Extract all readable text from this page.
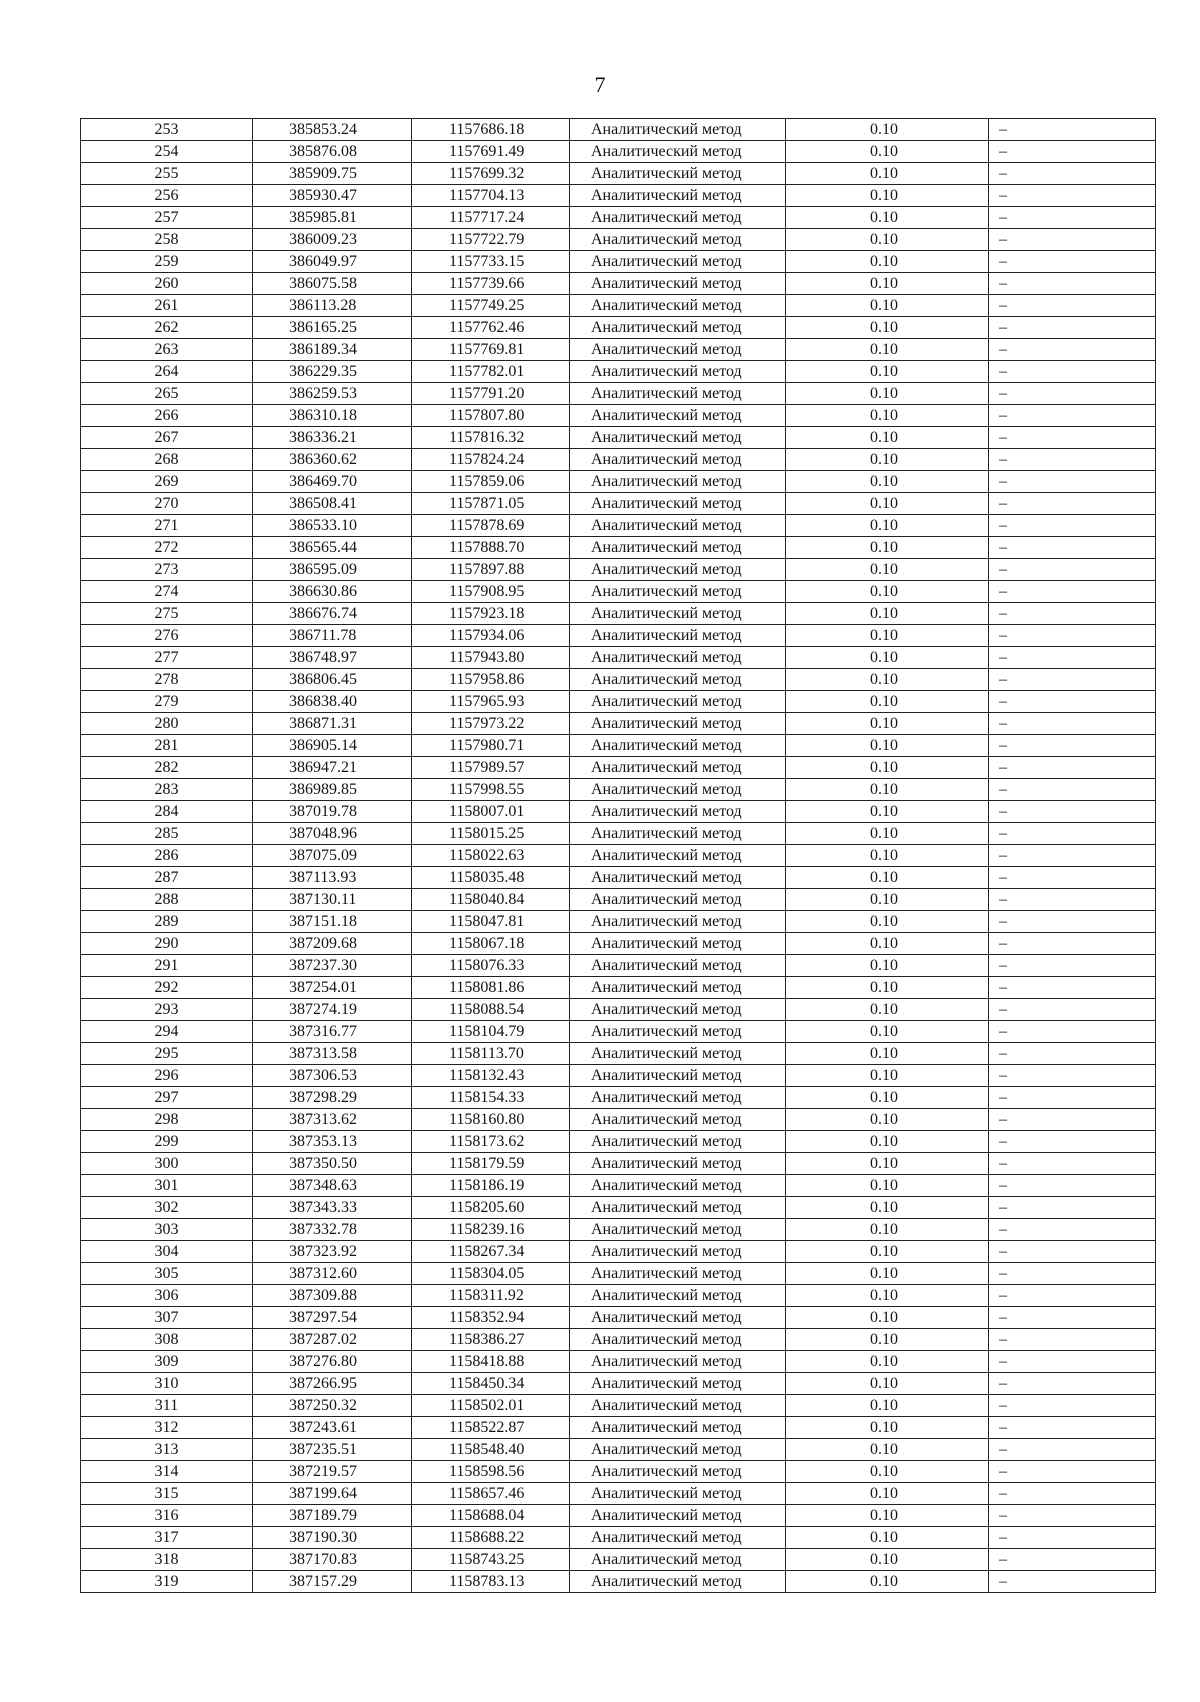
7
253	385853.24	1157686.18	Аналитический метод	0.10	–
254	385876.08	1157691.49	Аналитический метод	0.10	–
255	385909.75	1157699.32	Аналитический метод	0.10	–
256	385930.47	1157704.13	Аналитический метод	0.10	–
257	385985.81	1157717.24	Аналитический метод	0.10	–
258	386009.23	1157722.79	Аналитический метод	0.10	–
259	386049.97	1157733.15	Аналитический метод	0.10	–
260	386075.58	1157739.66	Аналитический метод	0.10	–
261	386113.28	1157749.25	Аналитический метод	0.10	–
262	386165.25	1157762.46	Аналитический метод	0.10	–
263	386189.34	1157769.81	Аналитический метод	0.10	–
264	386229.35	1157782.01	Аналитический метод	0.10	–
265	386259.53	1157791.20	Аналитический метод	0.10	–
266	386310.18	1157807.80	Аналитический метод	0.10	–
267	386336.21	1157816.32	Аналитический метод	0.10	–
268	386360.62	1157824.24	Аналитический метод	0.10	–
269	386469.70	1157859.06	Аналитический метод	0.10	–
270	386508.41	1157871.05	Аналитический метод	0.10	–
271	386533.10	1157878.69	Аналитический метод	0.10	–
272	386565.44	1157888.70	Аналитический метод	0.10	–
273	386595.09	1157897.88	Аналитический метод	0.10	–
274	386630.86	1157908.95	Аналитический метод	0.10	–
275	386676.74	1157923.18	Аналитический метод	0.10	–
276	386711.78	1157934.06	Аналитический метод	0.10	–
277	386748.97	1157943.80	Аналитический метод	0.10	–
278	386806.45	1157958.86	Аналитический метод	0.10	–
279	386838.40	1157965.93	Аналитический метод	0.10	–
280	386871.31	1157973.22	Аналитический метод	0.10	–
281	386905.14	1157980.71	Аналитический метод	0.10	–
282	386947.21	1157989.57	Аналитический метод	0.10	–
283	386989.85	1157998.55	Аналитический метод	0.10	–
284	387019.78	1158007.01	Аналитический метод	0.10	–
285	387048.96	1158015.25	Аналитический метод	0.10	–
286	387075.09	1158022.63	Аналитический метод	0.10	–
287	387113.93	1158035.48	Аналитический метод	0.10	–
288	387130.11	1158040.84	Аналитический метод	0.10	–
289	387151.18	1158047.81	Аналитический метод	0.10	–
290	387209.68	1158067.18	Аналитический метод	0.10	–
291	387237.30	1158076.33	Аналитический метод	0.10	–
292	387254.01	1158081.86	Аналитический метод	0.10	–
293	387274.19	1158088.54	Аналитический метод	0.10	–
294	387316.77	1158104.79	Аналитический метод	0.10	–
295	387313.58	1158113.70	Аналитический метод	0.10	–
296	387306.53	1158132.43	Аналитический метод	0.10	–
297	387298.29	1158154.33	Аналитический метод	0.10	–
298	387313.62	1158160.80	Аналитический метод	0.10	–
299	387353.13	1158173.62	Аналитический метод	0.10	–
300	387350.50	1158179.59	Аналитический метод	0.10	–
301	387348.63	1158186.19	Аналитический метод	0.10	–
302	387343.33	1158205.60	Аналитический метод	0.10	–
303	387332.78	1158239.16	Аналитический метод	0.10	–
304	387323.92	1158267.34	Аналитический метод	0.10	–
305	387312.60	1158304.05	Аналитический метод	0.10	–
306	387309.88	1158311.92	Аналитический метод	0.10	–
307	387297.54	1158352.94	Аналитический метод	0.10	–
308	387287.02	1158386.27	Аналитический метод	0.10	–
309	387276.80	1158418.88	Аналитический метод	0.10	–
310	387266.95	1158450.34	Аналитический метод	0.10	–
311	387250.32	1158502.01	Аналитический метод	0.10	–
312	387243.61	1158522.87	Аналитический метод	0.10	–
313	387235.51	1158548.40	Аналитический метод	0.10	–
314	387219.57	1158598.56	Аналитический метод	0.10	–
315	387199.64	1158657.46	Аналитический метод	0.10	–
316	387189.79	1158688.04	Аналитический метод	0.10	–
317	387190.30	1158688.22	Аналитический метод	0.10	–
318	387170.83	1158743.25	Аналитический метод	0.10	–
319	387157.29	1158783.13	Аналитический метод	0.10	–
